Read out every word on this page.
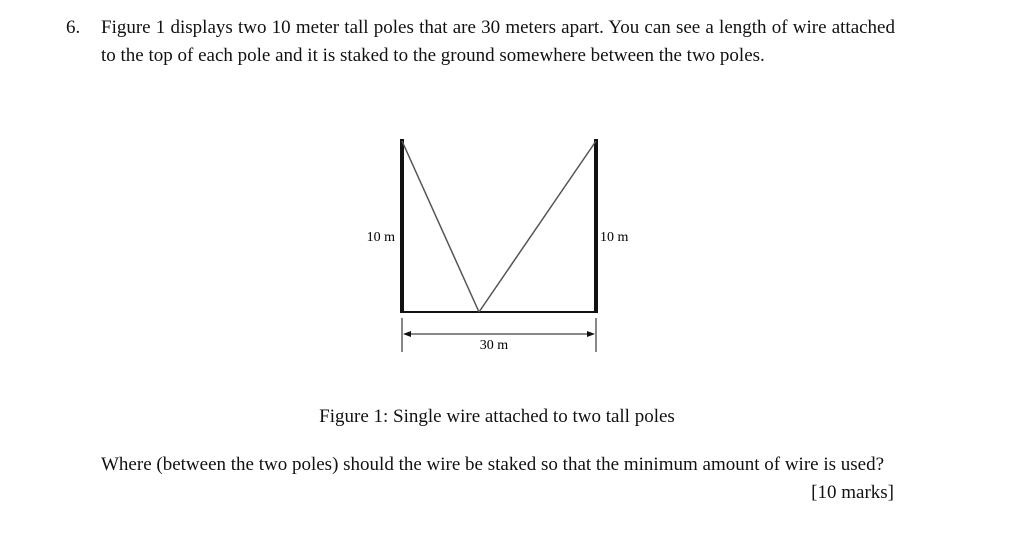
6. Figure 1 displays two 10 meter tall poles that are 30 meters apart. You can see a length of wire attached to the top of each pole and it is staked to the ground somewhere between the two poles.
10 m	10 m
30 m
Figure 1: Single wire attached to two tall poles
Where (between the two poles) should the wire be staked so that the minimum amount of wire is used?
[10 marks]
